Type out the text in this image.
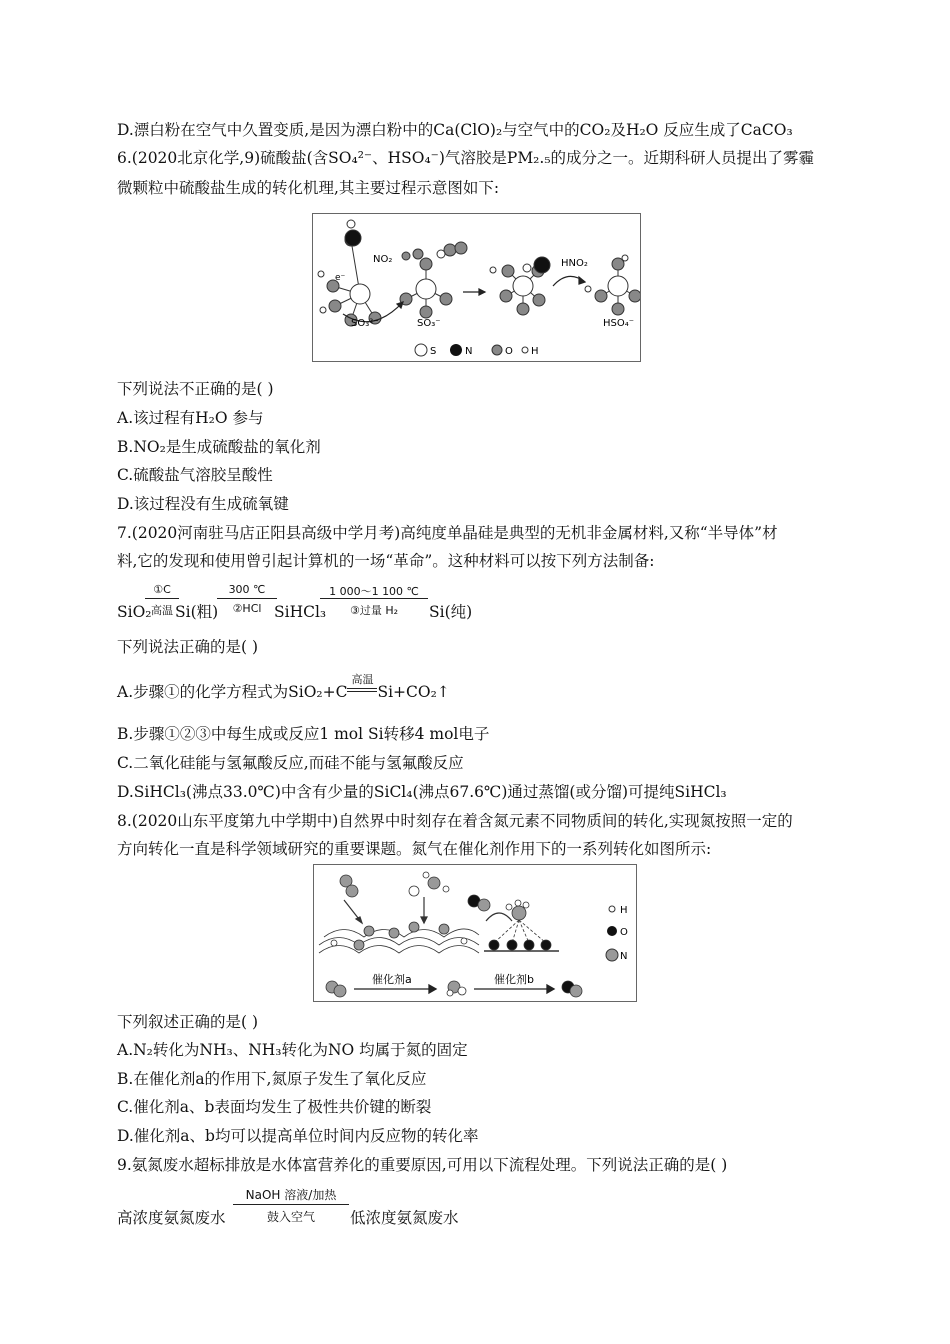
D.漂白粉在空气中久置变质,是因为漂白粉中的Ca(ClO)₂与空气中的CO₂及H₂O 反应生成了CaCO₃
6.(2020北京化学,9)硫酸盐(含SO₄²⁻、HSO₄⁻)气溶胶是PM₂.₅的成分之一。近期科研人员提出了雾霾
微颗粒中硫酸盐生成的转化机理,其主要过程示意图如下:
NO₂
e⁻
HNO₂
SO₃²⁻	SO₃⁻	HSO₄⁻
S	N	O H
下列说法不正确的是( )
A.该过程有H₂O 参与
B.NO₂是生成硫酸盐的氧化剂
C.硫酸盐气溶胶呈酸性
D.该过程没有生成硫氧键
7.(2020河南驻马店正阳县高级中学月考)高纯度单晶硅是典型的无机非金属材料,又称“半导体”材
料,它的发现和使用曾引起计算机的一场“革命”。这种材料可以按下列方法制备:
SiO₂
①C
高温 Si(粗)
300 ℃
②HCl SiHCl₃
1 000～1 100 ℃
③过量 H₂	Si(纯)
下列说法正确的是( )
A.步骤①的化学方程式为SiO₂+C
高温
Si+CO₂↑
B.步骤①②③中每生成或反应1 mol Si转移4 mol电子
C.二氧化硅能与氢氟酸反应,而硅不能与氢氟酸反应
D.SiHCl₃(沸点33.0℃)中含有少量的SiCl₄(沸点67.6℃)通过蒸馏(或分馏)可提纯SiHCl₃
8.(2020山东平度第九中学期中)自然界中时刻存在着含氮元素不同物质间的转化,实现氮按照一定的
方向转化一直是科学领域研究的重要课题。氮气在催化剂作用下的一系列转化如图所示:
催化剂a	催化剂b
H
O
N
下列叙述正确的是( )
A.N₂转化为NH₃、NH₃转化为NO 均属于氮的固定
B.在催化剂a的作用下,氮原子发生了氧化反应
C.催化剂a、b表面均发生了极性共价键的断裂
D.催化剂a、b均可以提高单位时间内反应物的转化率
9.氨氮废水超标排放是水体富营养化的重要原因,可用以下流程处理。下列说法正确的是( )
高浓度氨氮废水
NaOH 溶液/加热
鼓入空气	低浓度氨氮废水
